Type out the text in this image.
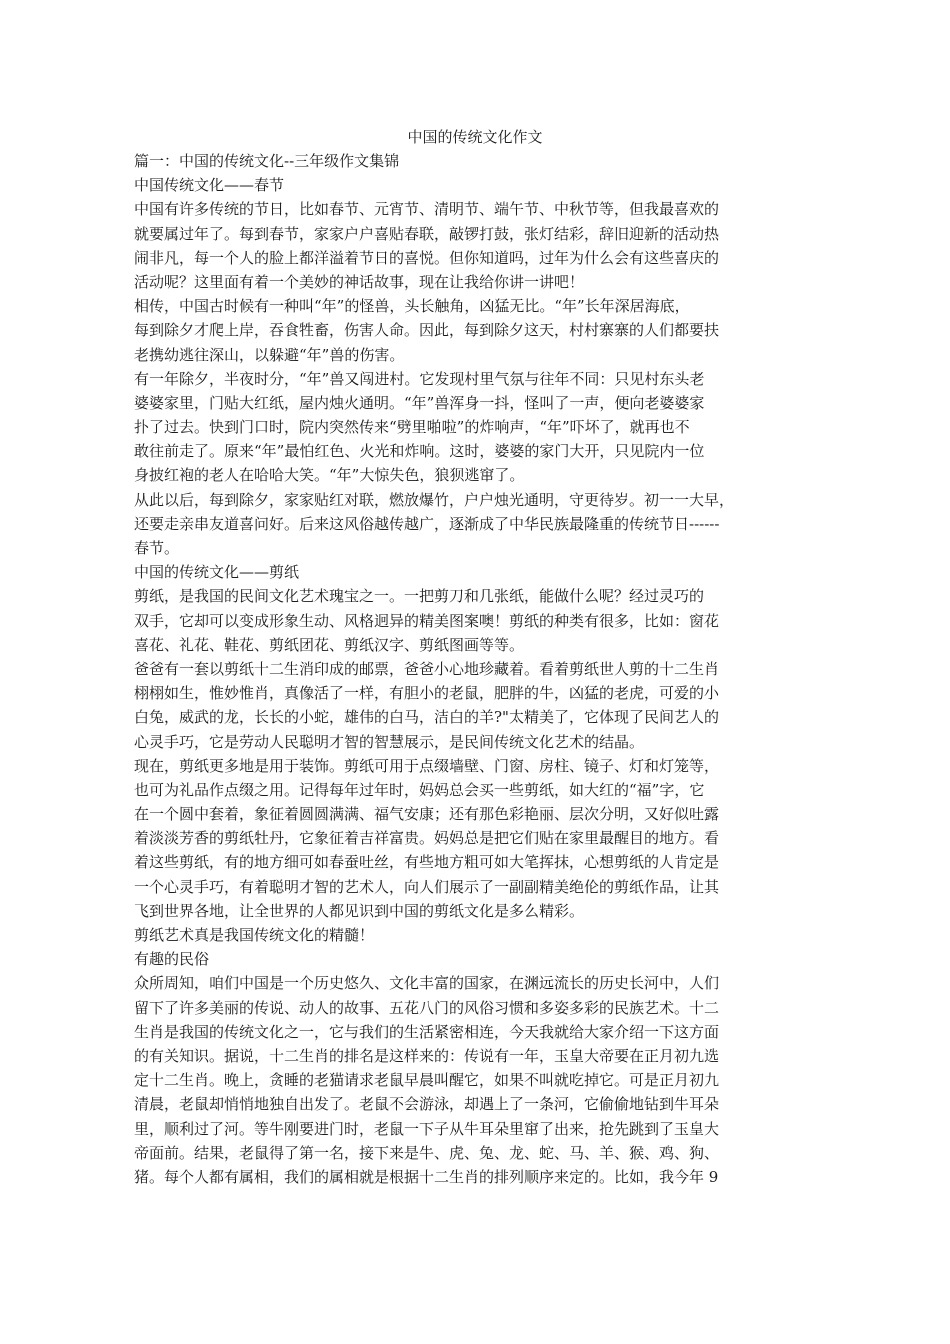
中国的传统文化作文
篇一：中国的传统文化--三年级作文集锦
中国传统文化——春节
中国有许多传统的节日，比如春节、元宵节、清明节、端午节、中秋节等，但我最喜欢的
就要属过年了。每到春节，家家户户喜贴春联，敲锣打鼓，张灯结彩，辞旧迎新的活动热
闹非凡，每一个人的脸上都洋溢着节日的喜悦。但你知道吗，过年为什么会有这些喜庆的
活动呢？这里面有着一个美妙的神话故事，现在让我给你讲一讲吧！
相传，中国古时候有一种叫“年”的怪兽，头长触角，凶猛无比。“年”长年深居海底，
每到除夕才爬上岸，吞食牲畜，伤害人命。因此，每到除夕这天，村村寨寨的人们都要扶
老携幼逃往深山，以躲避“年”兽的伤害。
有一年除夕，半夜时分，“年”兽又闯进村。它发现村里气氛与往年不同：只见村东头老
婆婆家里，门贴大红纸，屋内烛火通明。“年”兽浑身一抖，怪叫了一声，便向老婆婆家
扑了过去。快到门口时，院内突然传来“劈里啪啦”的炸响声，“年”吓坏了，就再也不
敢往前走了。原来“年”最怕红色、火光和炸响。这时，婆婆的家门大开，只见院内一位
身披红袍的老人在哈哈大笑。“年”大惊失色，狼狈逃窜了。
从此以后，每到除夕，家家贴红对联，燃放爆竹，户户烛光通明，守更待岁。初一一大早，
还要走亲串友道喜问好。后来这风俗越传越广，逐渐成了中华民族最隆重的传统节日------
春节。
中国的传统文化——剪纸
剪纸，是我国的民间文化艺术瑰宝之一。一把剪刀和几张纸，能做什么呢？经过灵巧的
双手，它却可以变成形象生动、风格迥异的精美图案噢！剪纸的种类有很多，比如：窗花
喜花、礼花、鞋花、剪纸团花、剪纸汉字、剪纸图画等等。
爸爸有一套以剪纸十二生消印成的邮票，爸爸小心地珍藏着。看着剪纸世人剪的十二生肖
栩栩如生，惟妙惟肖，真像活了一样，有胆小的老鼠，肥胖的牛，凶猛的老虎，可爱的小
白兔，威武的龙，长长的小蛇，雄伟的白马，洁白的羊?"太精美了，它体现了民间艺人的
心灵手巧，它是劳动人民聪明才智的智慧展示，是民间传统文化艺术的结晶。
现在，剪纸更多地是用于装饰。剪纸可用于点缀墙壁、门窗、房柱、镜子、灯和灯笼等，
也可为礼品作点缀之用。记得每年过年时，妈妈总会买一些剪纸，如大红的“福”字，它
在一个圆中套着，象征着圆圆满满、福气安康；还有那色彩艳丽、层次分明，又好似吐露
着淡淡芳香的剪纸牡丹，它象征着吉祥富贵。妈妈总是把它们贴在家里最醒目的地方。看
着这些剪纸，有的地方细可如春蚕吐丝，有些地方粗可如大笔挥抹，心想剪纸的人肯定是
一个心灵手巧，有着聪明才智的艺术人，向人们展示了一副副精美绝伦的剪纸作品，让其
飞到世界各地，让全世界的人都见识到中国的剪纸文化是多么精彩。
剪纸艺术真是我国传统文化的精髓！
有趣的民俗
众所周知，咱们中国是一个历史悠久、文化丰富的国家，在渊远流长的历史长河中，人们
留下了许多美丽的传说、动人的故事、五花八门的风俗习惯和多姿多彩的民族艺术。十二
生肖是我国的传统文化之一，它与我们的生活紧密相连，今天我就给大家介绍一下这方面
的有关知识。据说，十二生肖的排名是这样来的：传说有一年，玉皇大帝要在正月初九选
定十二生肖。晚上，贪睡的老猫请求老鼠早晨叫醒它，如果不叫就吃掉它。可是正月初九
清晨，老鼠却悄悄地独自出发了。老鼠不会游泳，却遇上了一条河，它偷偷地钻到牛耳朵
里，顺利过了河。等牛刚要进门时，老鼠一下子从牛耳朵里窜了出来，抢先跳到了玉皇大
帝面前。结果，老鼠得了第一名，接下来是牛、虎、兔、龙、蛇、马、羊、猴、鸡、狗、
猪。每个人都有属相，我们的属相就是根据十二生肖的排列顺序来定的。比如，我今年 9
